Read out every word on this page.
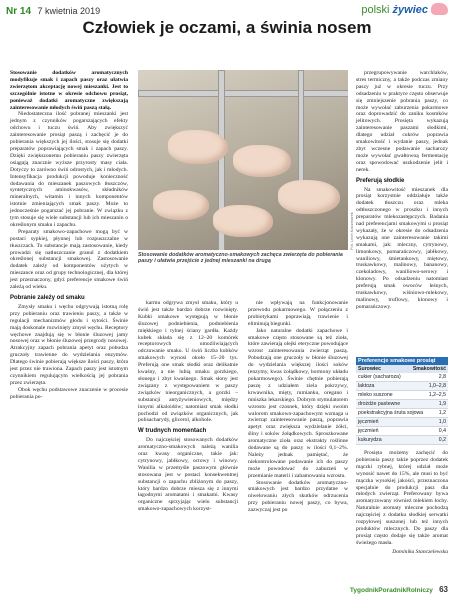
Nr 14 7 kwietnia 2019	polski żywiec
Człowiek je oczami, a świnia nosem

Stosowanie dodatków aromatycznych modyfikuje smak i zapach paszy oraz ułatwia zwierzętom akceptację nowej mieszanki. Jest to szczególnie istotne w okresie odchowu prosiąt, ponieważ dodatki aromatyczne zwiększają zainteresowanie młodych świń paszą stałą.

Niedostateczna ilość pobranej mieszanki jest jednym z czynników pogarszających efekty odchowu i tuczu świń. Aby zwiększyć zainteresowanie prosiąt paszą i zachęcić je do pobierania większych jej ilości, stosuje się dodatki preparatów poprawiających smak i zapach paszy. Dzięki zwiększonemu pobieraniu paszy zwierzęta osiągają znacznie wyższe przyrosty masy ciała. Dotyczy to zarówno świń odrostych, jak i młodych. Intensyfikacja produkcji powoduje konieczność dodawania do mieszanek paszowych tłuszczów, syntetycznych aminokwasów, składników mineralnych, witamin i innych komponentów istotnie zmieniających smak paszy. Może to jednocześnie pogarszać jej pobranie. W związku z tym stosuje się wiele substancji lub ich mieszanin o określonym smaku i zapachu.

Preparaty smakowo-zapachowe mogą być w postaci sypkiej, płynnej lub rozpuszczalne w tłuszczach. To substancje mają zastosowanie, kiedy prowadzi się natłuszczanie granul z dodatkiem określonej substancji smakowej. Zastosowanie dodatek zależy od komponentów użytych w mieszance oraz od grupy technologicznej, dla której jest przeznaczony, gdyż preferencje smakowe świń zależą od wieku.

Pobranie zależy od smaku

Zmysły smaku i węchu odgrywają istotną rolę przy pobieraniu oraz trawieniu paszy, a także w regulacji mechanizmów głodu i sytości. Świnie mają doskonale rozwinięty zmysł węchu. Receptory węchowe znajdują się w błonie śluzowej jamy nosowej oraz w błonie śluzowej przegrody nosowej. Atrakcyjny zapach pobrania apetyt oraz pobudza gruczoły trawienne do wydzielania enzymów. Dlatego świnie pobierają większe ilości paszy, która jest przez nie trawiona. Zapach paszy jest istotnym czynnikiem regulującym wielkością jej pobrania przez zwierzęta.

Obok węchu podstawowe znaczenie w procesie pobierania po-

Fot. Lech Kaczmarek
Stosowanie dodatków aromatyczno-smakowych zachęca zwierzęta do pobierania paszy i ułatwia przejście z jednej mieszanki na drugą

karmu odgrywa zmysł smaku, który u świń jest także bardzo dobrze rozwinięty. Kubki smakowe występują w błonie śluzowej podniebienia, podniebienia miękkiego i tylnej ściany gardła. Każdy kubek składa się z 12–20 komórek receptorowych umożliwiających odczuwanie smaku. U świń liczba kubków smakowych wynosi około 15–20 tys. Preferują one smak słodki oraz delikatnie kwaśny, a nie lubią smaku gorzkiego, słonego i zbyt kwaśnego. Smak słony jest związany z występowaniem w paszy związków nieorganicznych, a gorzki – substancji antyżywieniowych, między innymi alkaloidów; natomiast smak słodki pochodzi od związków organicznych, jak polisacharydy, glicerol, alkohole.

W trudnych momentach

Do najczęściej stosowanych dodatków aromatyczno-smakowych należą wanilia oraz kwasy organiczne, takie jak: cytrynowy, jabłkowy, octowy i winowy. Wanilia w przemyśle paszowym głównie stosowana jest w postaci konsekwentnej substancji o zapachu zbliżonym do paszy, który bardzo dobrze miesza się z innymi łagodnymi aromatami i smakami. Kwasy organiczne sprzyjając wielu substancji smakowo-zapachowych korzyst-

nie wpływają na funkcjonowanie przewodu pokarmowego. W połączeniu z probiotykami poprawiają trawienie i eliminują biegunki.

Jako naturalne dodatki zapachowe i smakowe często stosowane są też zioła, które zawierają olejki eteryczne powodujące wzrost zainteresowania zwierząt paszą. Pobudzają one gruczoły w błonie śluzowej do wydzielania większej ilości soków (enzymy, kwas żołądkowy, hormony układu pokarmowego). Świnie chętnie pobierają paszę z udziałem ziela pokrzywy, krwawnika, mięty, rumianku, oregano i mniszka lekarskiego. Dobrym stymulatorem wzrostu jest czosnek, który dzięki swoim walorom smakowo-zapachowym wzmaga u zwierząt zainteresowanie paszą, poprawia apetyt oraz zwiększa wydzielanie żółci, śliny i soków żołądkowych. Sproszkowane aromatyczne zioła oraz ekstrakty roślinne dodawane są do paszy w ilości 0,1–2%. Należy jednak pamiętać, że niekontrolowane podawanie ich do paszy może powodować do zaburzeń w przemianie materii i zahamowania wzrostu.

Stosowanie dodatków aromatyczno-smakowych jest bardzo przydatne w niwelowaniu złych skutków odrzucenia przy pobieraniu nowej paszy, co bywa, zazwyczaj jest po

przegrupowywanie warchlaków, stres termiczny, a także podczas zmiany paszy już w okresie tuczu. Przy odsadzeniu w praktyce często obserwuje się zmniejszenie pobrania paszy, co może wywołać zaburzenia pokarmowe oraz doprowadzić do zaniku kosmków jelitowych. Prosięta wykazują zainteresowanie paszami słodkimi, dlatego udział cukrów poprawia smakowitość i wydanie paszy, jednak zbyt wczesne podawanie sacharozy może wywołać gwałtowną fermentację oraz spowodować uszkodzenie jelit i nerek.

Preferują słodkie

Na smakowitość mieszanek dla prosiąt korzystnie oddziałuje także dodatek tłuszczu oraz mleka odtłuszczonego w proszku i innych preparatów mlekozastępczych. Badania nad preferencjami smakowymi u prosiąt wykazały, że w okresie do odsadzenia wykazują one zainteresowanie takimi smakami, jak: mleczny, cytrynowy, limonkowy, pomarańczowy, jabłkowy, waniliowy, śmietankowy, miętowy, truskawkowy, malinowy, bananowy, czekoladowy, waniliowo-serowy i klonowy. Po odsadzeniu natomiast preferują smak owoców leśnych, truskawkowy, wiśniowo-mlekowy, malinowy, truflowy, klonowy i pomarańczowy.

Preferencje smakowe prosiąt
Surowiec	Smakowitość
cukier (sacharoza)	2,8
laktoza	1,0–2,8
mleko suszone	1,2–2,5
drożdże pastewne	1,9
poekstrakcyjna śruta sojowa	1,2
jęczmień	1,0
jęczmień	0,4
kukurydza	0,2

Prosięta możemy zachęcić do pobierania paszy także poprzez dodatek mączki rybnej, której udział może wynosić nawet do 15%, ale musi to być mączka wysokiej jakości, przeznaczona specjalnie do produkcji pasz dla młodych zwierząt. Preferowany bywa aromatyzowany również mlekiem łochy. Naturalnie aromaty mleczne pochodzą najczęściej z dodatku słodkiej serwatki rozpylowej suszonej lub też innych produktów mlecznych. Do paszy dla prosiąt często dodaje się także aromat świeżego masła.

Dominika Stanczelewska
TygodnikPoradnikRolniczy 63
